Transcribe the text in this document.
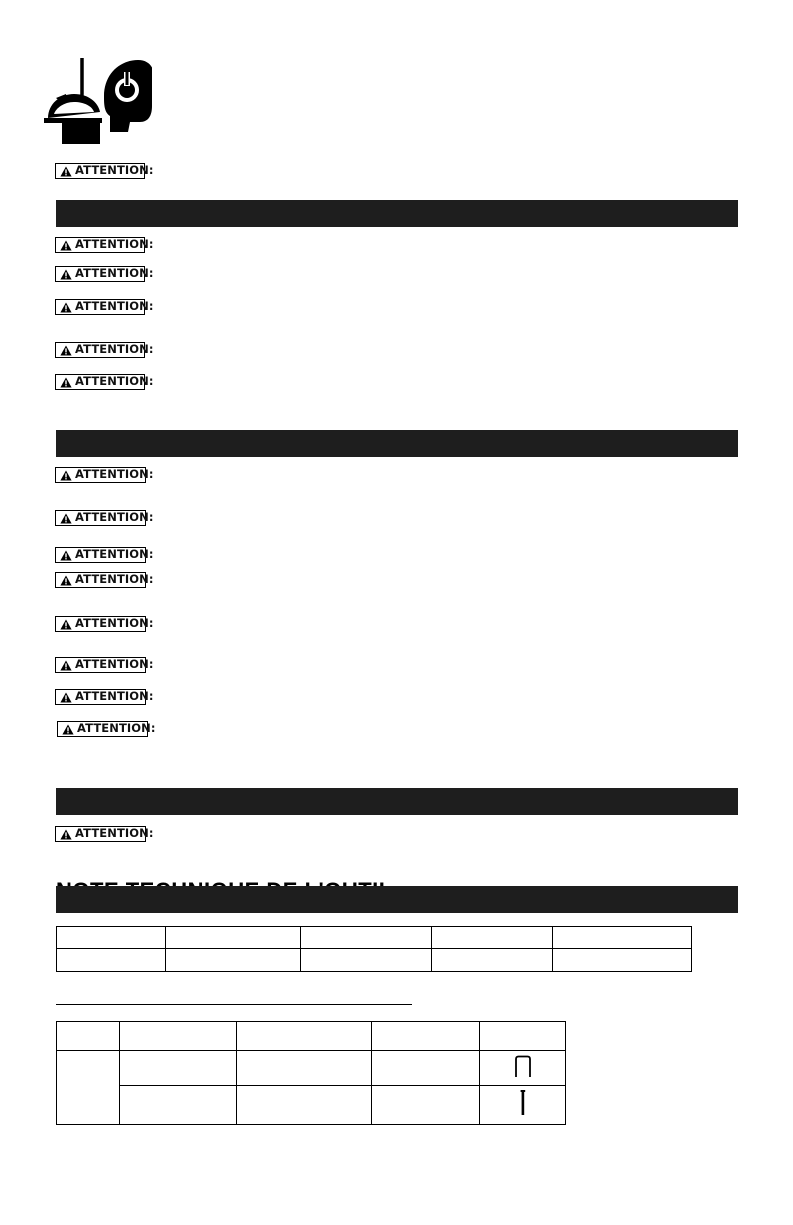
ATTENTION:
ATTENTION:
ATTENTION:
ATTENTION:
ATTENTION:
ATTENTION:
ATTENTION:
ATTENTION:
ATTENTION:
ATTENTION:
ATTENTION:
ATTENTION:
ATTENTION:
ATTENTION:
ATTENTION:
